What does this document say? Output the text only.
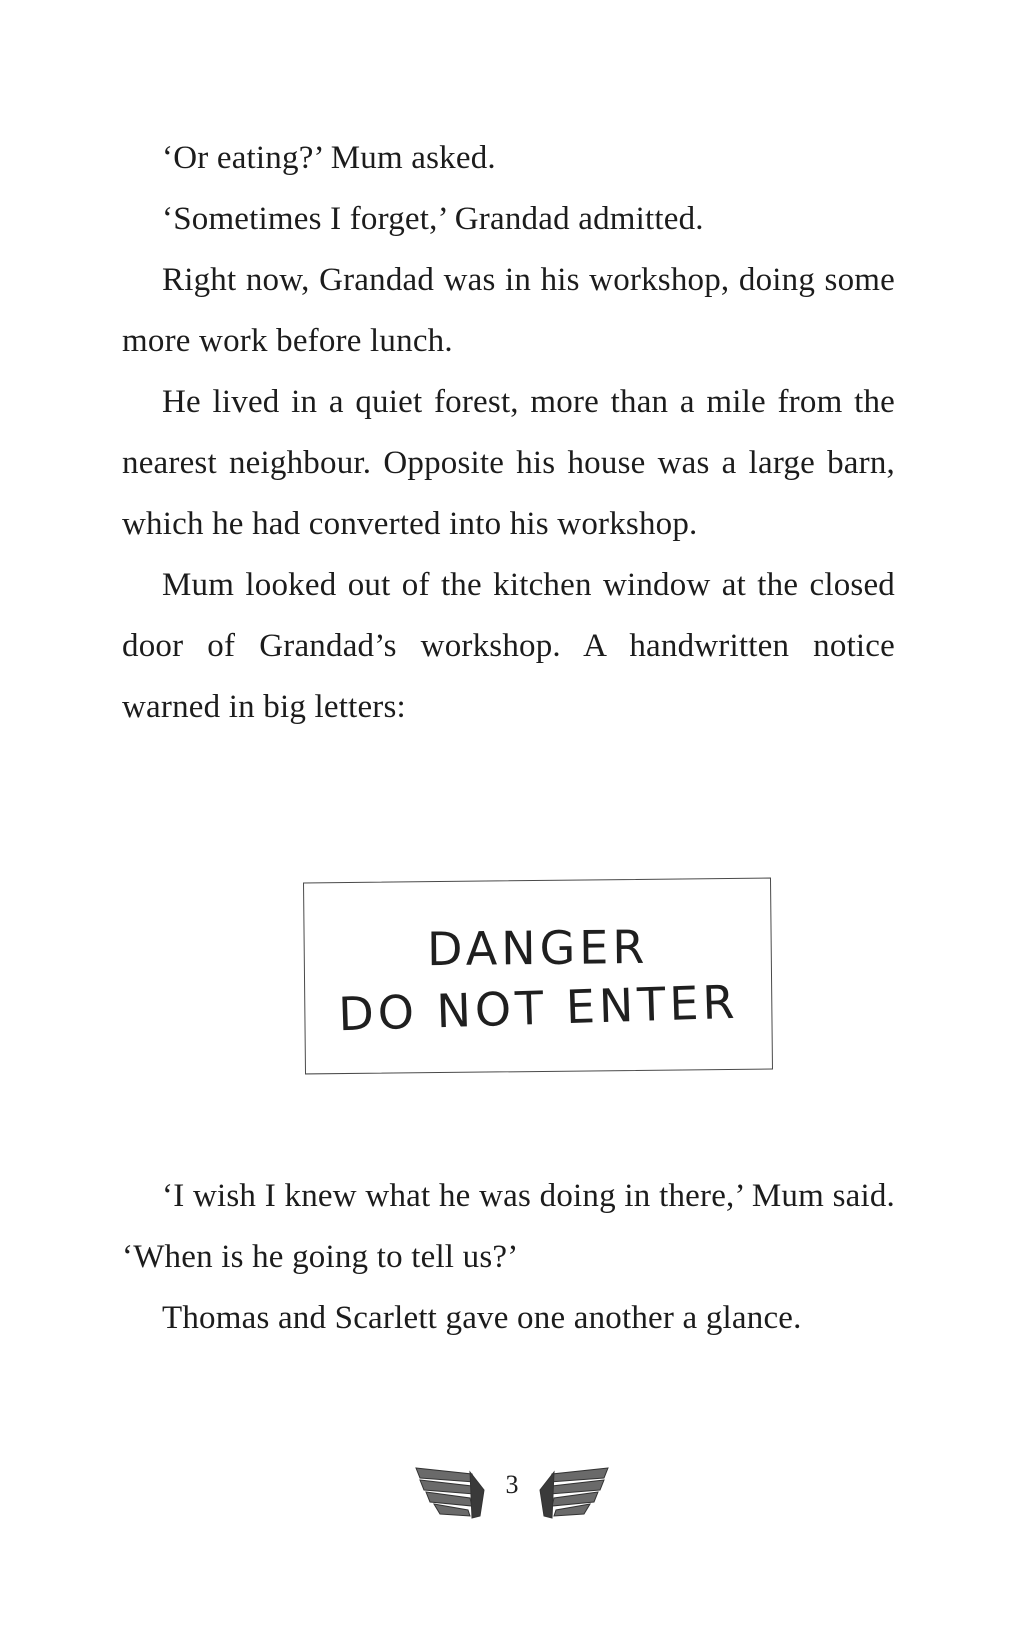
‘Or eating?’ Mum asked.

‘Sometimes I forget,’ Grandad admitted.

Right now, Grandad was in his workshop, doing some more work before lunch.

He lived in a quiet forest, more than a mile from the nearest neighbour. Opposite his house was a large barn, which he had converted into his workshop.

Mum looked out of the kitchen window at the closed door of Grandad’s workshop. A handwritten notice warned in big letters:

DANGER
DO NOT ENTER

‘I wish I knew what he was doing in there,’ Mum said. ‘When is he going to tell us?’

Thomas and Scarlett gave one another a glance.

3
